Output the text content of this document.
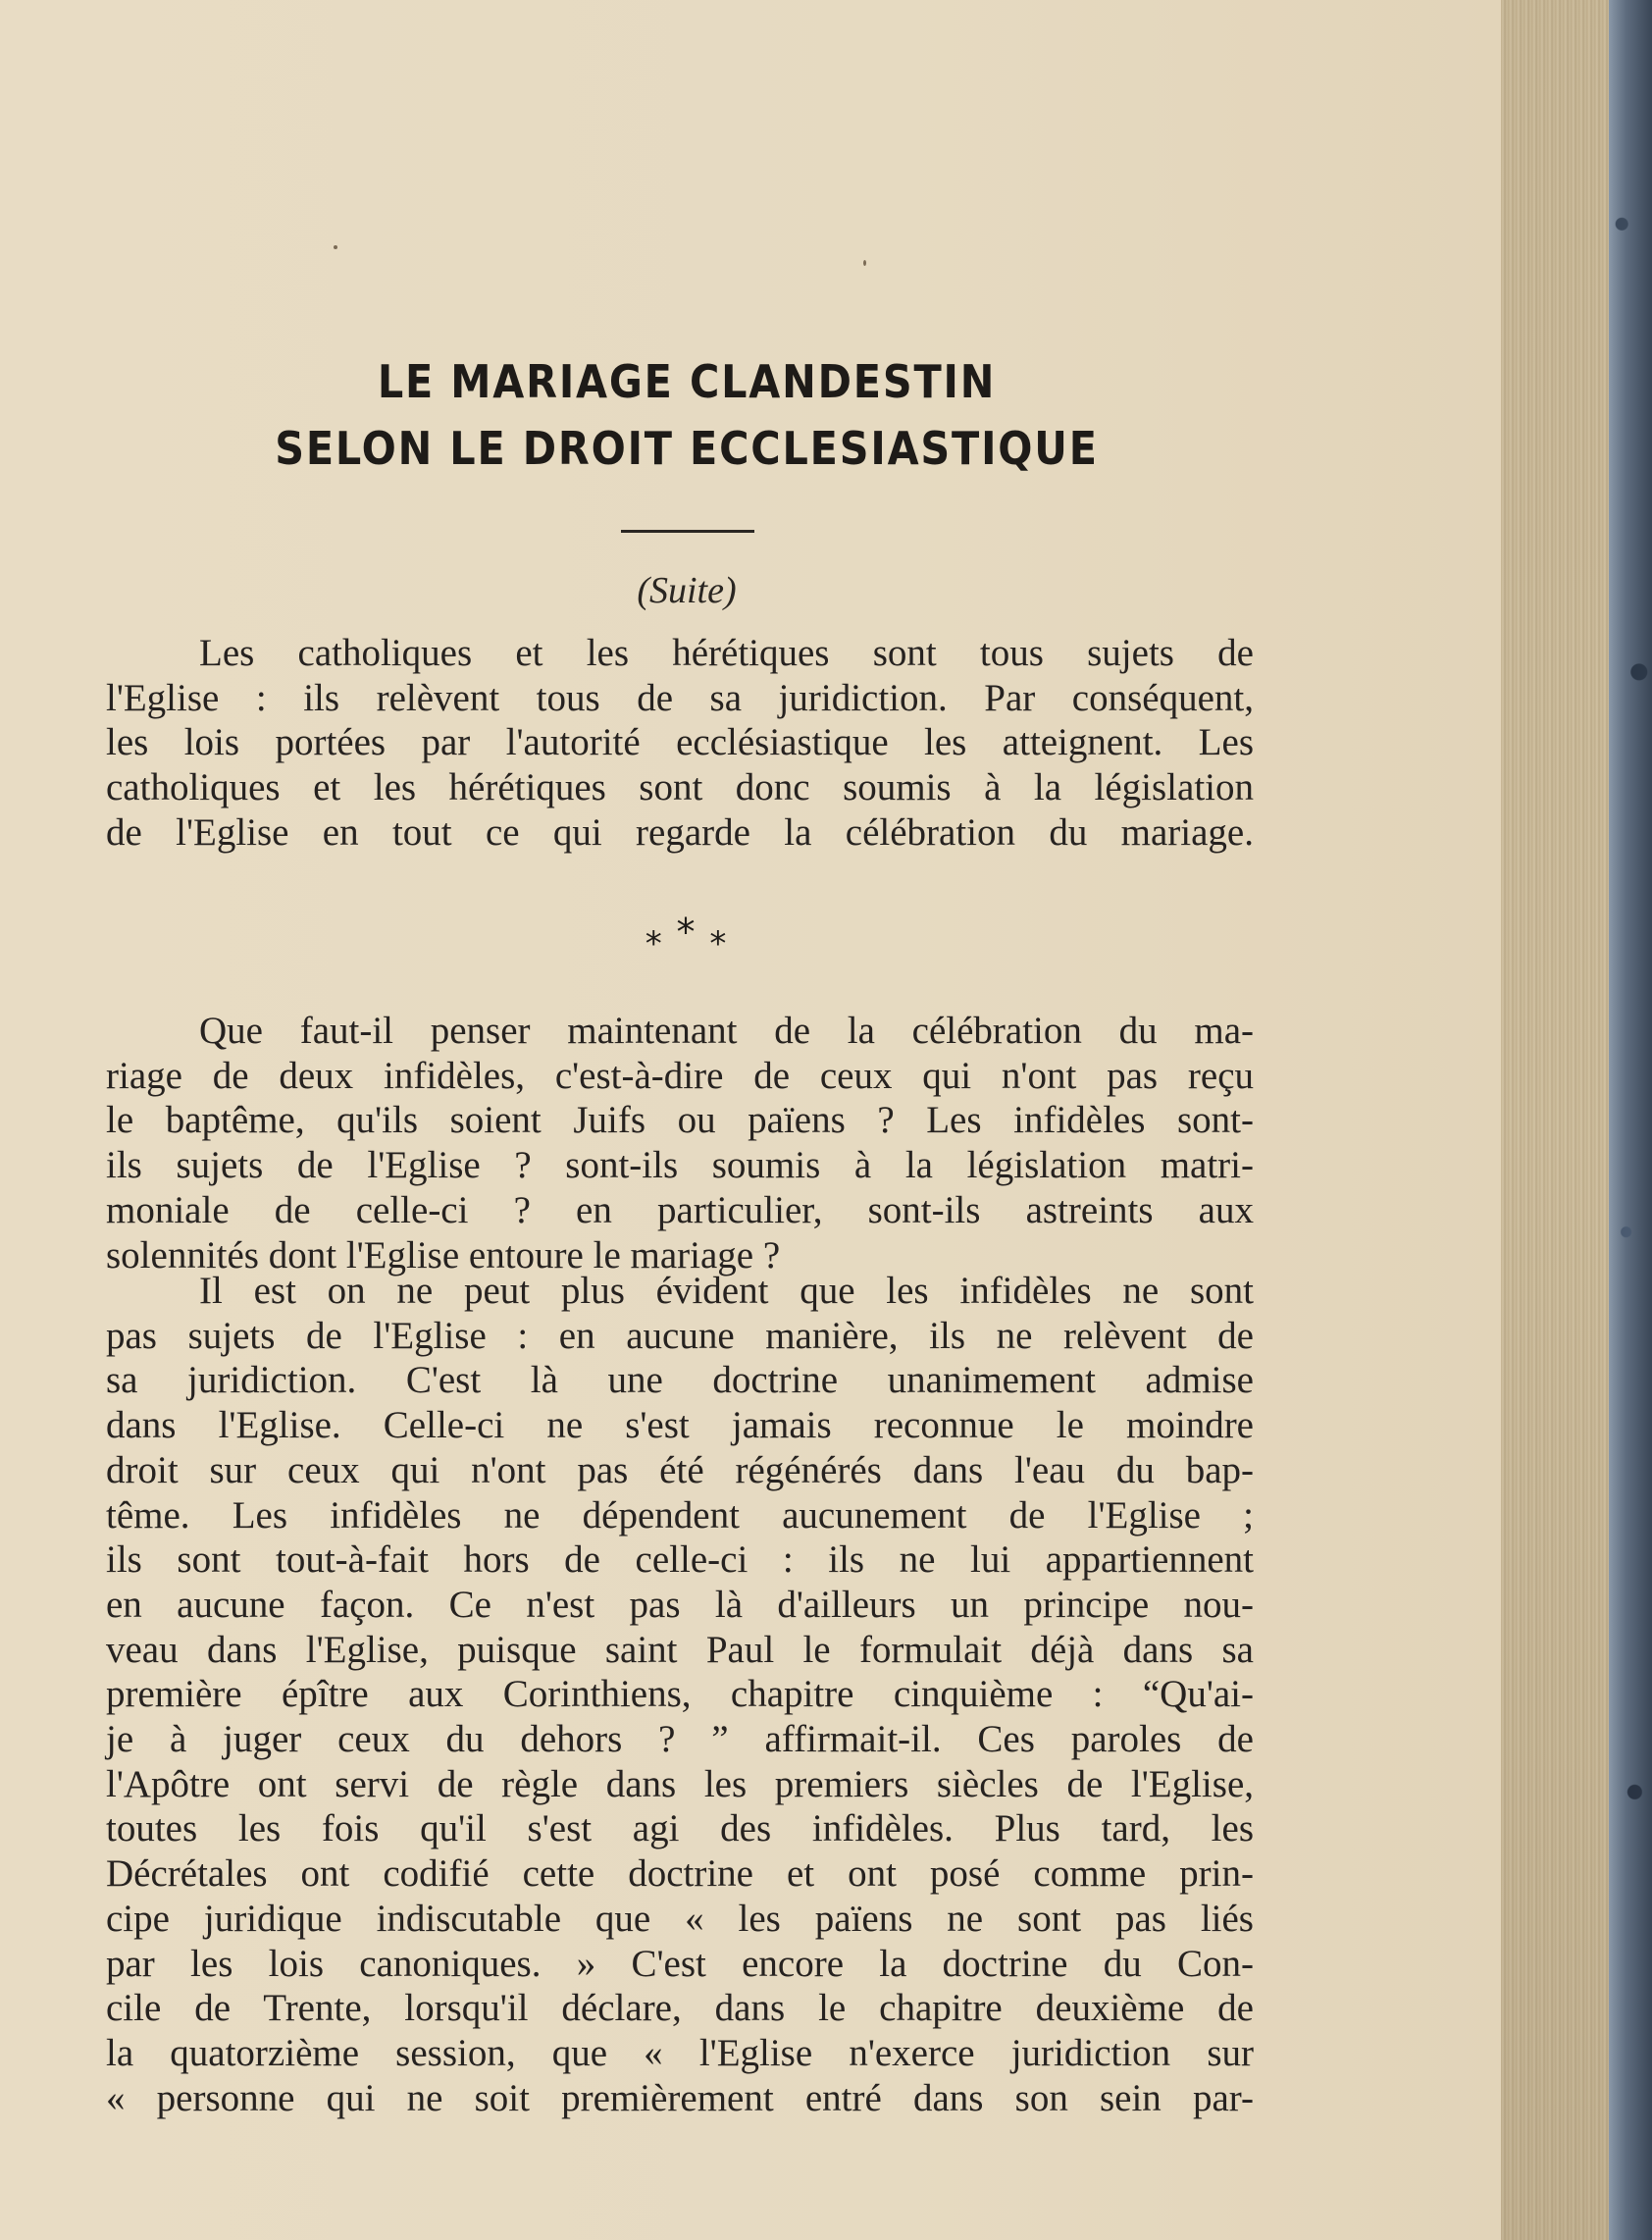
LE MARIAGE CLANDESTIN
SELON LE DROIT ECCLESIASTIQUE
(Suite)
Les catholiques et les hérétiques sont tous sujets de
l'Eglise : ils relèvent tous de sa juridiction. Par conséquent,
les lois portées par l'autorité ecclésiastique les atteignent. Les
catholiques et les hérétiques sont donc soumis à la législation
de l'Eglise en tout ce qui regarde la célébration du mariage.
* * *
Que faut-il penser maintenant de la célébration du ma-
riage de deux infidèles, c'est-à-dire de ceux qui n'ont pas reçu
le baptême, qu'ils soient Juifs ou païens ? Les infidèles sont-
ils sujets de l'Eglise ? sont-ils soumis à la législation matri-
moniale de celle-ci ? en particulier, sont-ils astreints aux
solennités dont l'Eglise entoure le mariage ?
Il est on ne peut plus évident que les infidèles ne sont
pas sujets de l'Eglise : en aucune manière, ils ne relèvent de
sa juridiction. C'est là une doctrine unanimement admise
dans l'Eglise. Celle-ci ne s'est jamais reconnue le moindre
droit sur ceux qui n'ont pas été régénérés dans l'eau du bap-
tême. Les infidèles ne dépendent aucunement de l'Eglise ;
ils sont tout-à-fait hors de celle-ci : ils ne lui appartiennent
en aucune façon. Ce n'est pas là d'ailleurs un principe nou-
veau dans l'Eglise, puisque saint Paul le formulait déjà dans sa
première épître aux Corinthiens, chapitre cinquième : “Qu'ai-
je à juger ceux du dehors ? ” affirmait-il. Ces paroles de
l'Apôtre ont servi de règle dans les premiers siècles de l'Eglise,
toutes les fois qu'il s'est agi des infidèles. Plus tard, les
Décrétales ont codifié cette doctrine et ont posé comme prin-
cipe juridique indiscutable que « les païens ne sont pas liés
par les lois canoniques. » C'est encore la doctrine du Con-
cile de Trente, lorsqu'il déclare, dans le chapitre deuxième de
la quatorzième session, que « l'Eglise n'exerce juridiction sur
« personne qui ne soit premièrement entré dans son sein par-
